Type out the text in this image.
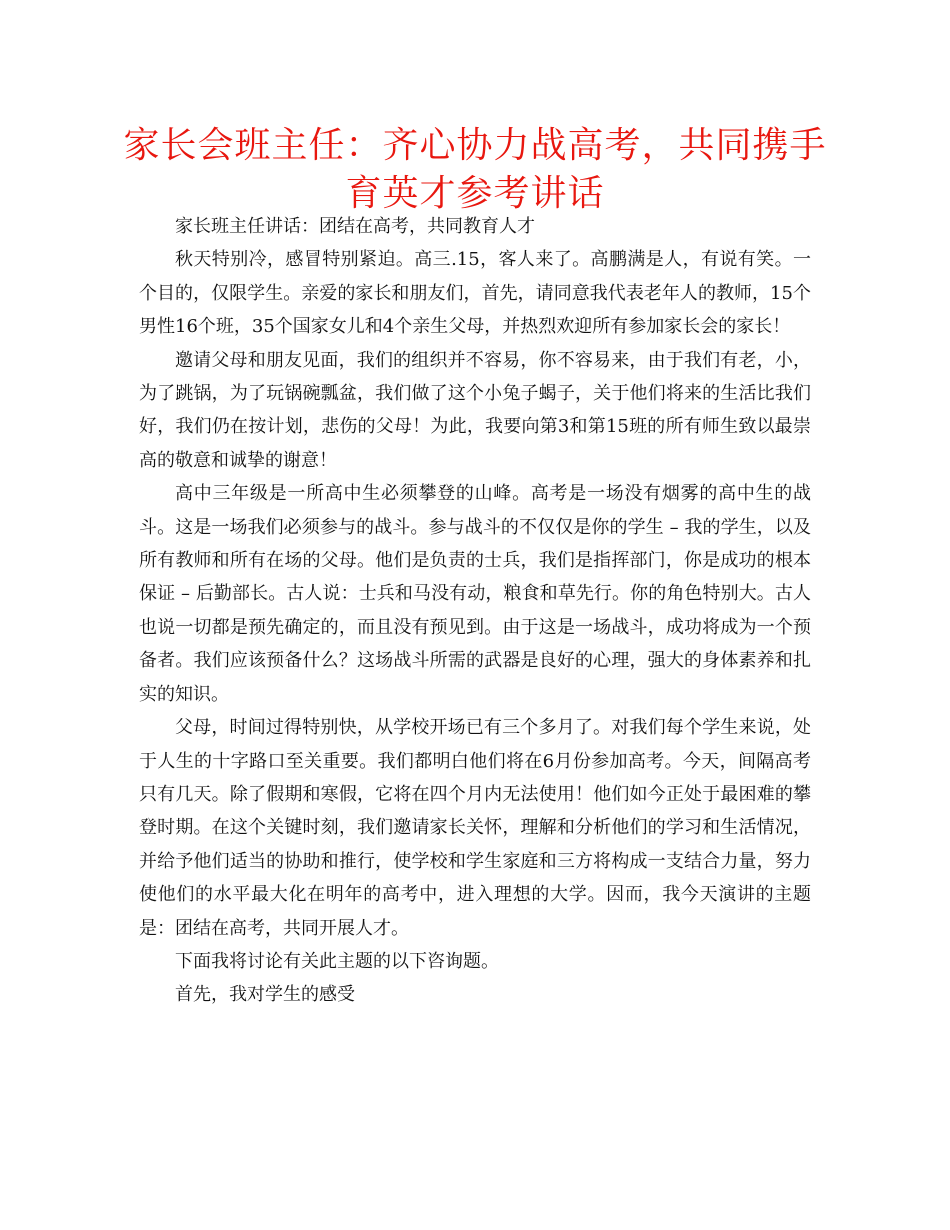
家长会班主任：齐心协力战高考，共同携手育英才参考讲话

家长班主任讲话：团结在高考，共同教育人才

秋天特别冷，感冒特别紧迫。高三.15，客人来了。高鹏满是人，有说有笑。一个目的，仅限学生。亲爱的家长和朋友们，首先，请同意我代表老年人的教师，15个男性16个班，35个国家女儿和4个亲生父母，并热烈欢迎所有参加家长会的家长！

邀请父母和朋友见面，我们的组织并不容易，你不容易来，由于我们有老，小，为了跳锅，为了玩锅碗瓢盆，我们做了这个小兔子蝎子，关于他们将来的生活比我们好，我们仍在按计划，悲伤的父母！为此，我要向第3和第15班的所有师生致以最崇高的敬意和诚挚的谢意！

高中三年级是一所高中生必须攀登的山峰。高考是一场没有烟雾的高中生的战斗。这是一场我们必须参与的战斗。参与战斗的不仅仅是你的学生 – 我的学生，以及所有教师和所有在场的父母。他们是负责的士兵，我们是指挥部门，你是成功的根本保证 – 后勤部长。古人说：士兵和马没有动，粮食和草先行。你的角色特别大。古人也说一切都是预先确定的，而且没有预见到。由于这是一场战斗，成功将成为一个预备者。我们应该预备什么？这场战斗所需的武器是良好的心理，强大的身体素养和扎实的知识。

父母，时间过得特别快，从学校开场已有三个多月了。对我们每个学生来说，处于人生的十字路口至关重要。我们都明白他们将在6月份参加高考。今天，间隔高考只有几天。除了假期和寒假，它将在四个月内无法使用！他们如今正处于最困难的攀登时期。在这个关键时刻，我们邀请家长关怀，理解和分析他们的学习和生活情况，并给予他们适当的协助和推行，使学校和学生家庭和三方将构成一支结合力量，努力使他们的水平最大化在明年的高考中，进入理想的大学。因而，我今天演讲的主题是：团结在高考，共同开展人才。

下面我将讨论有关此主题的以下咨询题。

首先，我对学生的感受
